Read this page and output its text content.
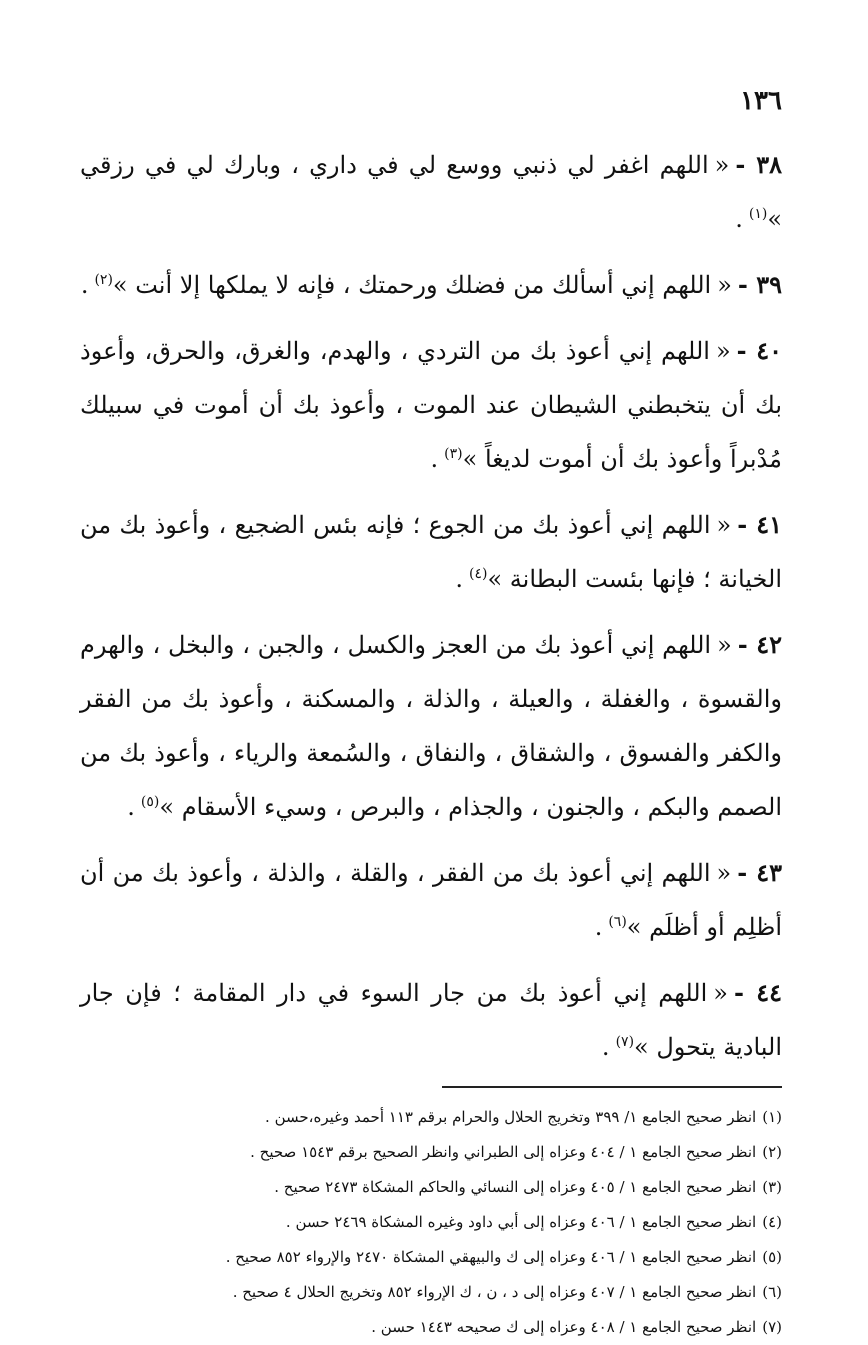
١٣٦

٣٨ -«اللهم اغفر لي ذنبي ووسع لي في داري ، وبارك لي في رزقي »$^{(١)}$.

٣٩ -«اللهم إني أسألك من فضلك ورحمتك ، فإنه لا يملكها إلا أنت »$^{(٢)}$.

٤٠ -«اللهم إني أعوذ بك من التردي ، والهدم، والغرق، والحرق، وأعوذ بك أن يتخبطني الشيطان عند الموت ، وأعوذ بك أن أموت في سبيلك مُدْبراً وأعوذ بك أن أموت لديغاً »$^{(٣)}$.

٤١ -«اللهم إني أعوذ بك من الجوع ؛ فإنه بئس الضجيع ، وأعوذ بك من الخيانة ؛ فإنها بئست البطانة »$^{(٤)}$.

٤٢ -«اللهم إني أعوذ بك من العجز والكسل ، والجبن ، والبخل ، والهرم والقسوة ، والغفلة ، والعيلة ، والذلة ، والمسكنة ، وأعوذ بك من الفقر والكفر والفسوق ، والشقاق ، والنفاق ، والسُمعة والرياء ، وأعوذ بك من الصمم والبكم ، والجنون ، والجذام ، والبرص ، وسيء الأسقام »$^{(٥)}$.

٤٣ -«اللهم إني أعوذ بك من الفقر ، والقلة ، والذلة ، وأعوذ بك من أن أظلِم أو أظلَم »$^{(٦)}$.

٤٤ -«اللهم إني أعوذ بك من جار السوء في دار المقامة ؛ فإن جار البادية يتحول »$^{(٧)}$.

(١)انظر صحيح الجامع ١/ ٣٩٩ وتخريج الحلال والحرام برقم ١١٣ أحمد وغيره،حسن .

(٢)انظر صحيح الجامع ١ / ٤٠٤ وعزاه إلى الطبراني وانظر الصحيح برقم ١٥٤٣ صحيح .

(٣)انظر صحيح الجامع ١ / ٤٠٥ وعزاه إلى النسائي والحاكم المشكاة ٢٤٧٣ صحيح .

(٤)انظر صحيح الجامع ١ / ٤٠٦ وعزاه إلى أبي داود وغيره المشكاة ٢٤٦٩ حسن .

(٥)انظر صحيح الجامع ١ / ٤٠٦ وعزاه إلى ك والبيهقي المشكاة ٢٤٧٠ والإرواء ٨٥٢ صحيح .

(٦)انظر صحيح الجامع ١ / ٤٠٧ وعزاه إلى د ، ن ، ك الإرواء ٨٥٢ وتخريج الحلال ٤ صحيح .

(٧)انظر صحيح الجامع ١ / ٤٠٨ وعزاه إلى ك صحيحه ١٤٤٣ حسن .
